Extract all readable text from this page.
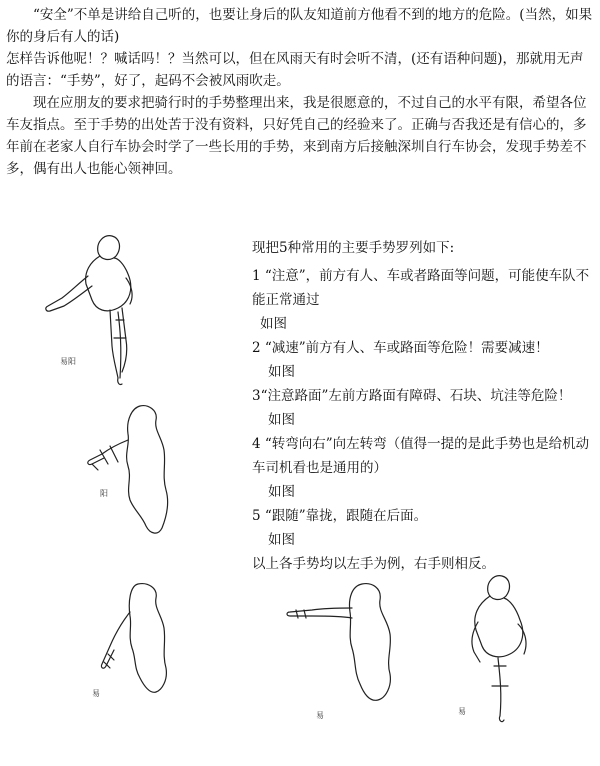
“安全”不单是讲给自己听的，也要让身后的队友知道前方他看不到的地方的危险。(当然，如果你的身后有人的话)

怎样告诉他呢！？喊话吗！？当然可以，但在风雨天有时会听不清，(还有语种问题)，那就用无声的语言：“手势”，好了，起码不会被风雨吹走。

现在应朋友的要求把骑行时的手势整理出来，我是很愿意的，不过自己的水平有限，希望各位车友指点。至于手势的出处苦于没有资料，只好凭自己的经验来了。正确与否我还是有信心的，多年前在老家人自行车协会时学了一些长用的手势，来到南方后接触深圳自行车协会，发现手势差不多，偶有出人也能心领神回。

易阳

现把5种常用的主要手势罗列如下:

1 “注意”，前方有人、车或者路面等问题，可能使车队不能正常通过

如图

2 “减速”前方有人、车或路面等危险！需要减速！

如图

3“注意路面”左前方路面有障碍、石块、坑洼等危险！

如图

4 “转弯向右”向左转弯（值得一提的是此手势也是给机动车司机看也是通用的）

如图

5 “跟随”靠拢，跟随在后面。

如图

以上各手势均以左手为例，右手则相反。

阳
易
易	易
